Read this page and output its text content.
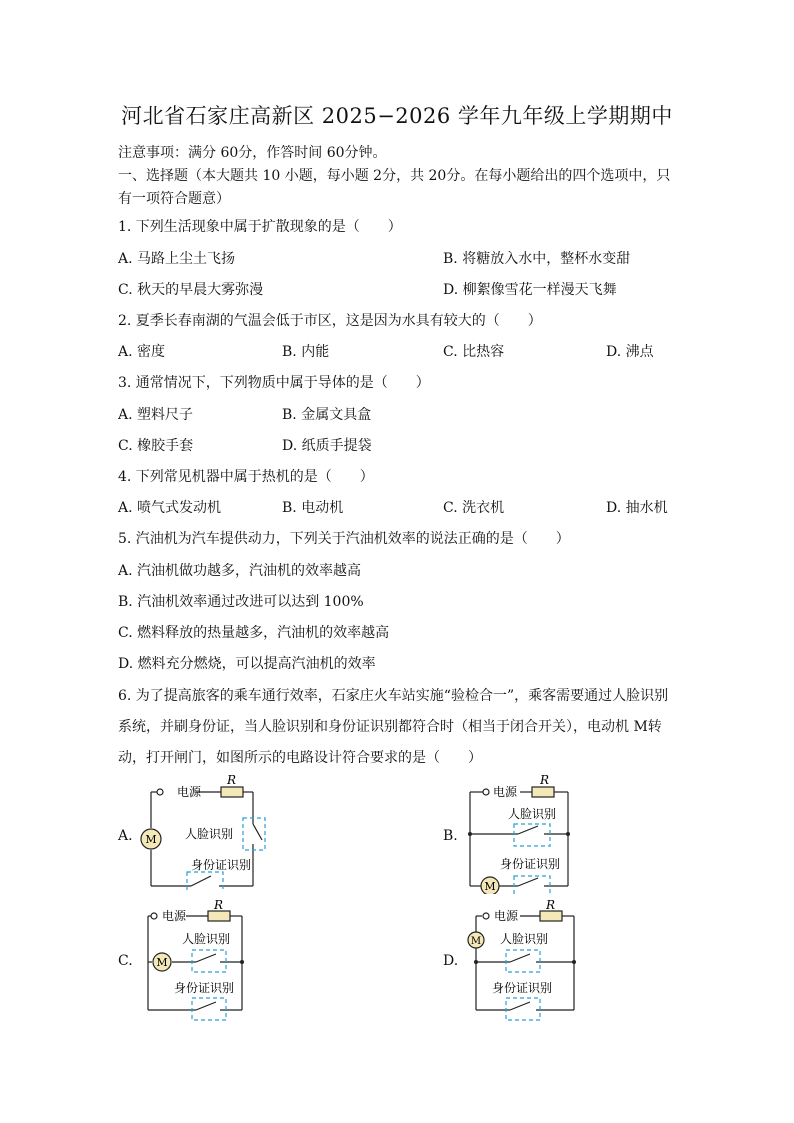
河北省石家庄高新区 2025−2026 学年九年级上学期期中
注意事项：满分 60分，作答时间 60分钟。
一、选择题（本大题共 10 小题，每小题 2分，共 20分。在每小题给出的四个选项中，只
有一项符合题意）
1. 下列生活现象中属于扩散现象的是（　　）
A. 马路上尘土飞扬	B. 将糖放入水中，整杯水变甜
C. 秋天的早晨大雾弥漫	D. 柳絮像雪花一样漫天飞舞
2. 夏季长春南湖的气温会低于市区，这是因为水具有较大的（　　）
A. 密度	B. 内能	C. 比热容	D. 沸点
3. 通常情况下，下列物质中属于导体的是（　　）
A. 塑料尺子	B. 金属文具盒
C. 橡胶手套	D. 纸质手提袋
4. 下列常见机器中属于热机的是（　　）
A. 喷气式发动机	B. 电动机	C. 洗衣机	D. 抽水机
5. 汽油机为汽车提供动力，下列关于汽油机效率的说法正确的是（　　）
A. 汽油机做功越多，汽油机的效率越高
B. 汽油机效率通过改进可以达到 100%
C. 燃料释放的热量越多，汽油机的效率越高
D. 燃料充分燃烧，可以提高汽油机的效率
6. 为了提高旅客的乘车通行效率，石家庄火车站实施“验检合一”，乘客需要通过人脸识别
系统，并刷身份证，当人脸识别和身份证识别都符合时（相当于闭合开关），电动机 M转
动，打开闸门，如图所示的电路设计符合要求的是（　　）
A.	B.
C.	D.
电源
R
M 人脸识别
身份证识别
电源
R
M
人脸识别
身份证识别
电源
R
M
人脸识别
身份证识别
电源
R
M 人脸识别
身份证识别
